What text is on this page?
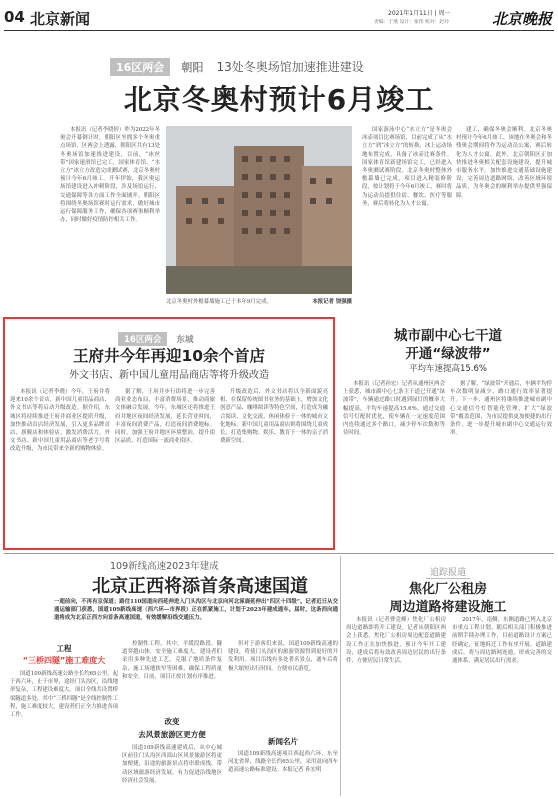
04 北京新闻	2021年1月11日 | 周一
责编：于燕 设计：张伟 校对：赵玲	北京晚报
16区两会 朝阳 13处冬奥场馆加速推进建设
北京冬奥村预计6月竣工

本报讯（记者李晓婷）昨为2022年冬奥会开幕倒计时，朝阳区坐拥多个冬奥重点场馆，区两会上透露，朝阳区共有13处冬奥场馆加速推进建设，目前，“冰丝带”国家速滑馆已完工，国家体育馆、“水立方”冰立方改造完成测试赛，北京冬奥村预计今年6月竣工。开年伊始，我区奥运场馆建设进入冲刺阶段，涉及场馆运行、交通保障等各方面工作全面铺开。朝阳区将围绕冬奥场馆赛时运行需求，做好城市运行保障服务工作，确保各项赛事顺利举办，同时做好疫情防控相关工作。

北京冬奥村外檐幕墙施工已于本年9月完成。	本报记者 饶强摄

国家游泳中心“水立方”是冬奥会冰壶项目比赛场馆，目前完成了从“水立方”到“冰立方”的转换，冰上运动场地布置完成，具备了冰壶比赛条件。国家体育馆新建场馆完工，已经进入冬奥测试赛阶段。北京冬奥村整体外檐幕墙已完成，项目进入精装修阶段，按计划将于今年6月竣工，赛时将为运动员提供住宿、餐饮、医疗等服务，赛后将转化为人才公寓。

建工，确保冬奥会顺利。北京冬奥村预计今年6月竣工，该地在冬奥会和冬残奥会期间将作为运动员公寓，赛后转化为人才公寓。此外，北京朝阳区正加快推进冬奥相关配套设施建设，提升城市服务水平，加快推进交通基础设施建设，完善周边道路网络，改善区域环境品质，为冬奥会的顺利举办提供坚强保障。

16区两会 东城
王府井今年再迎10余个首店
外文书店、新中国儿童用品商店等将升级改造

本报讯（记者李晓）今年，王府井将迎来10余个首店，新中国儿童用品商店、外文书店等将启动升级改造。据介绍，东城区将持续推进王府井商业区提质升级，加快推动首店经济发展，引入更多品牌首店、旗舰店和体验店，激发消费活力。外文书店、新中国儿童用品商店等老字号将改造升级，为市民带来全新的购物体验。

据了解，王府井步行街将进一步完善商业业态布局，丰富消费场景，推动商旅文体融合发展。今年，东城区还将推进王府井地区夜间经济发展，延长营业时间，丰富夜间消费产品，打造夜间消费地标。同时，加强王府井地区环境整治，提升街区品质，打造国际一流商业街区。

升级改造后，外文书店将以全新面貌亮相，在保留传统图书业务的基础上，增加文化创意产品、咖啡阅读等特色空间，打造成为融合阅读、文化交流、休闲体验于一体的城市文化地标。新中国儿童用品商店则将围绕儿童成长，打造集购物、娱乐、教育于一体的亲子消费新空间。

城市副中心七干道
开通“绿波带”
平均车速提高15.6%

本报讯（记者孙宏）记者从通州区两会上获悉，城市副中心七条主干道已开通“绿波带”，车辆通过路口时遇到绿灯的概率大幅提高，平均车速提高15.6%。通过交通信号灯配时优化，使车辆在一定速度范围内连续通过多个路口，减少停车次数和等待时间。

据了解，“绿波带”开通后，车辆平均停车次数明显减少，路口通行效率显著提升。下一步，通州区将继续推进城市副中心交通信号灯智能化管理，扩大“绿波带”覆盖范围，为市民提供更加便捷的出行条件，进一步提升城市副中心交通运行效率。

109新线高速2023年建成
北京正西将添首条高速国道
一超前向，不再有京保道；路往110国道向西延伸进入门头沟区与北京向河北涿鹿延伸出“四区十四级”。记者近日从交通运输部门获悉，国道109新线高速（西六环—市界段）正在抓紧施工，计划于2023年建成通车。届时，这条西向通道将成为北京正西方向首条高速国道，有效缓解沿线交通压力。
工程
“三桥四隧”施工难度大

国道109新线高速公路全长约65公里，起于西六环，止于市界，途经门头沟区，沿线地形复杂，工程建设难度大。项目全线共设置桥梁隧道多处，其中“三桥四隧”是全线控制性工程，施工难度较大，建设者们正全力推进各项工作。

控制性工程。其中，平缓段路段、隧道穿越山体，安全施工难度大。建设者们采用多种先进工艺，克服了地质条件复杂、施工场地狭窄等困难，确保工程质量和安全。目前，项目正按计划有序推进。

改变
去风景旅游区更方便

国道109新线高速建成后，从中心城区前往门头沟区西部山区风景旅游区将更加便捷，沿途的旅游景点将串联成线，带动区域旅游经济发展，有力促进沿线地区经济社会发展。

但对于游客们来说，国道109新线高速的建设，将使门头沟区的旅游资源得到更好的开发利用。项目沿线有多处著名景点，通车后将极大缩短出行时间，方便市民游览。

新闻名片

国道109新线高速项目西起西六环，东至河北省界，线路全长约65公里，采用双向四车道高速公路标准建设。本报记者 孙宏明

追踪报道
焦化厂公租房
周边道路将建设施工

本报讯（记者曹竞峰）焦化厂公租房周边道路即将开工建设。记者从朝阳区两会上获悉，焦化厂公租房周边配套道路建设工作正在加快推进，预计今年开工建设，建成后将有效改善周边居民的出行条件，方便居民日常生活。

2017年，南侧、东侧道路已列入北京市重点工程计划。随后相关部门积极推进前期手续办理工作，目前道路设计方案已经确定，征地拆迁工作有序开展。道路建成后，将与周边路网连通，形成完善的交通体系，满足居民出行需求。
